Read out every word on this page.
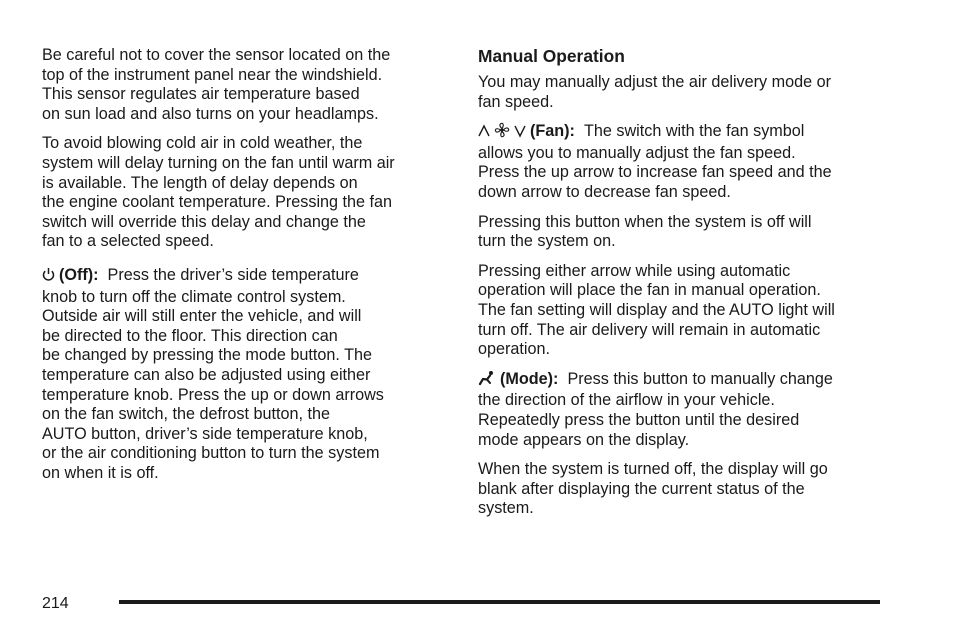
Be careful not to cover the sensor located on the
top of the instrument panel near the windshield.
This sensor regulates air temperature based
on sun load and also turns on your headlamps.

To avoid blowing cold air in cold weather, the
system will delay turning on the fan until warm air
is available. The length of delay depends on
the engine coolant temperature. Pressing the fan
switch will override this delay and change the
fan to a selected speed.

(Off): Press the driver’s side temperature
knob to turn off the climate control system.
Outside air will still enter the vehicle, and will
be directed to the floor. This direction can
be changed by pressing the mode button. The
temperature can also be adjusted using either
temperature knob. Press the up or down arrows
on the fan switch, the defrost button, the
AUTO button, driver’s side temperature knob,
or the air conditioning button to turn the system
on when it is off.

Manual Operation

You may manually adjust the air delivery mode or
fan speed.

(Fan): The switch with the fan symbol
allows you to manually adjust the fan speed.
Press the up arrow to increase fan speed and the
down arrow to decrease fan speed.

Pressing this button when the system is off will
turn the system on.

Pressing either arrow while using automatic
operation will place the fan in manual operation.
The fan setting will display and the AUTO light will
turn off. The air delivery will remain in automatic
operation.

(Mode): Press this button to manually change
the direction of the airflow in your vehicle.
Repeatedly press the button until the desired
mode appears on the display.

When the system is turned off, the display will go
blank after displaying the current status of the
system.

214
